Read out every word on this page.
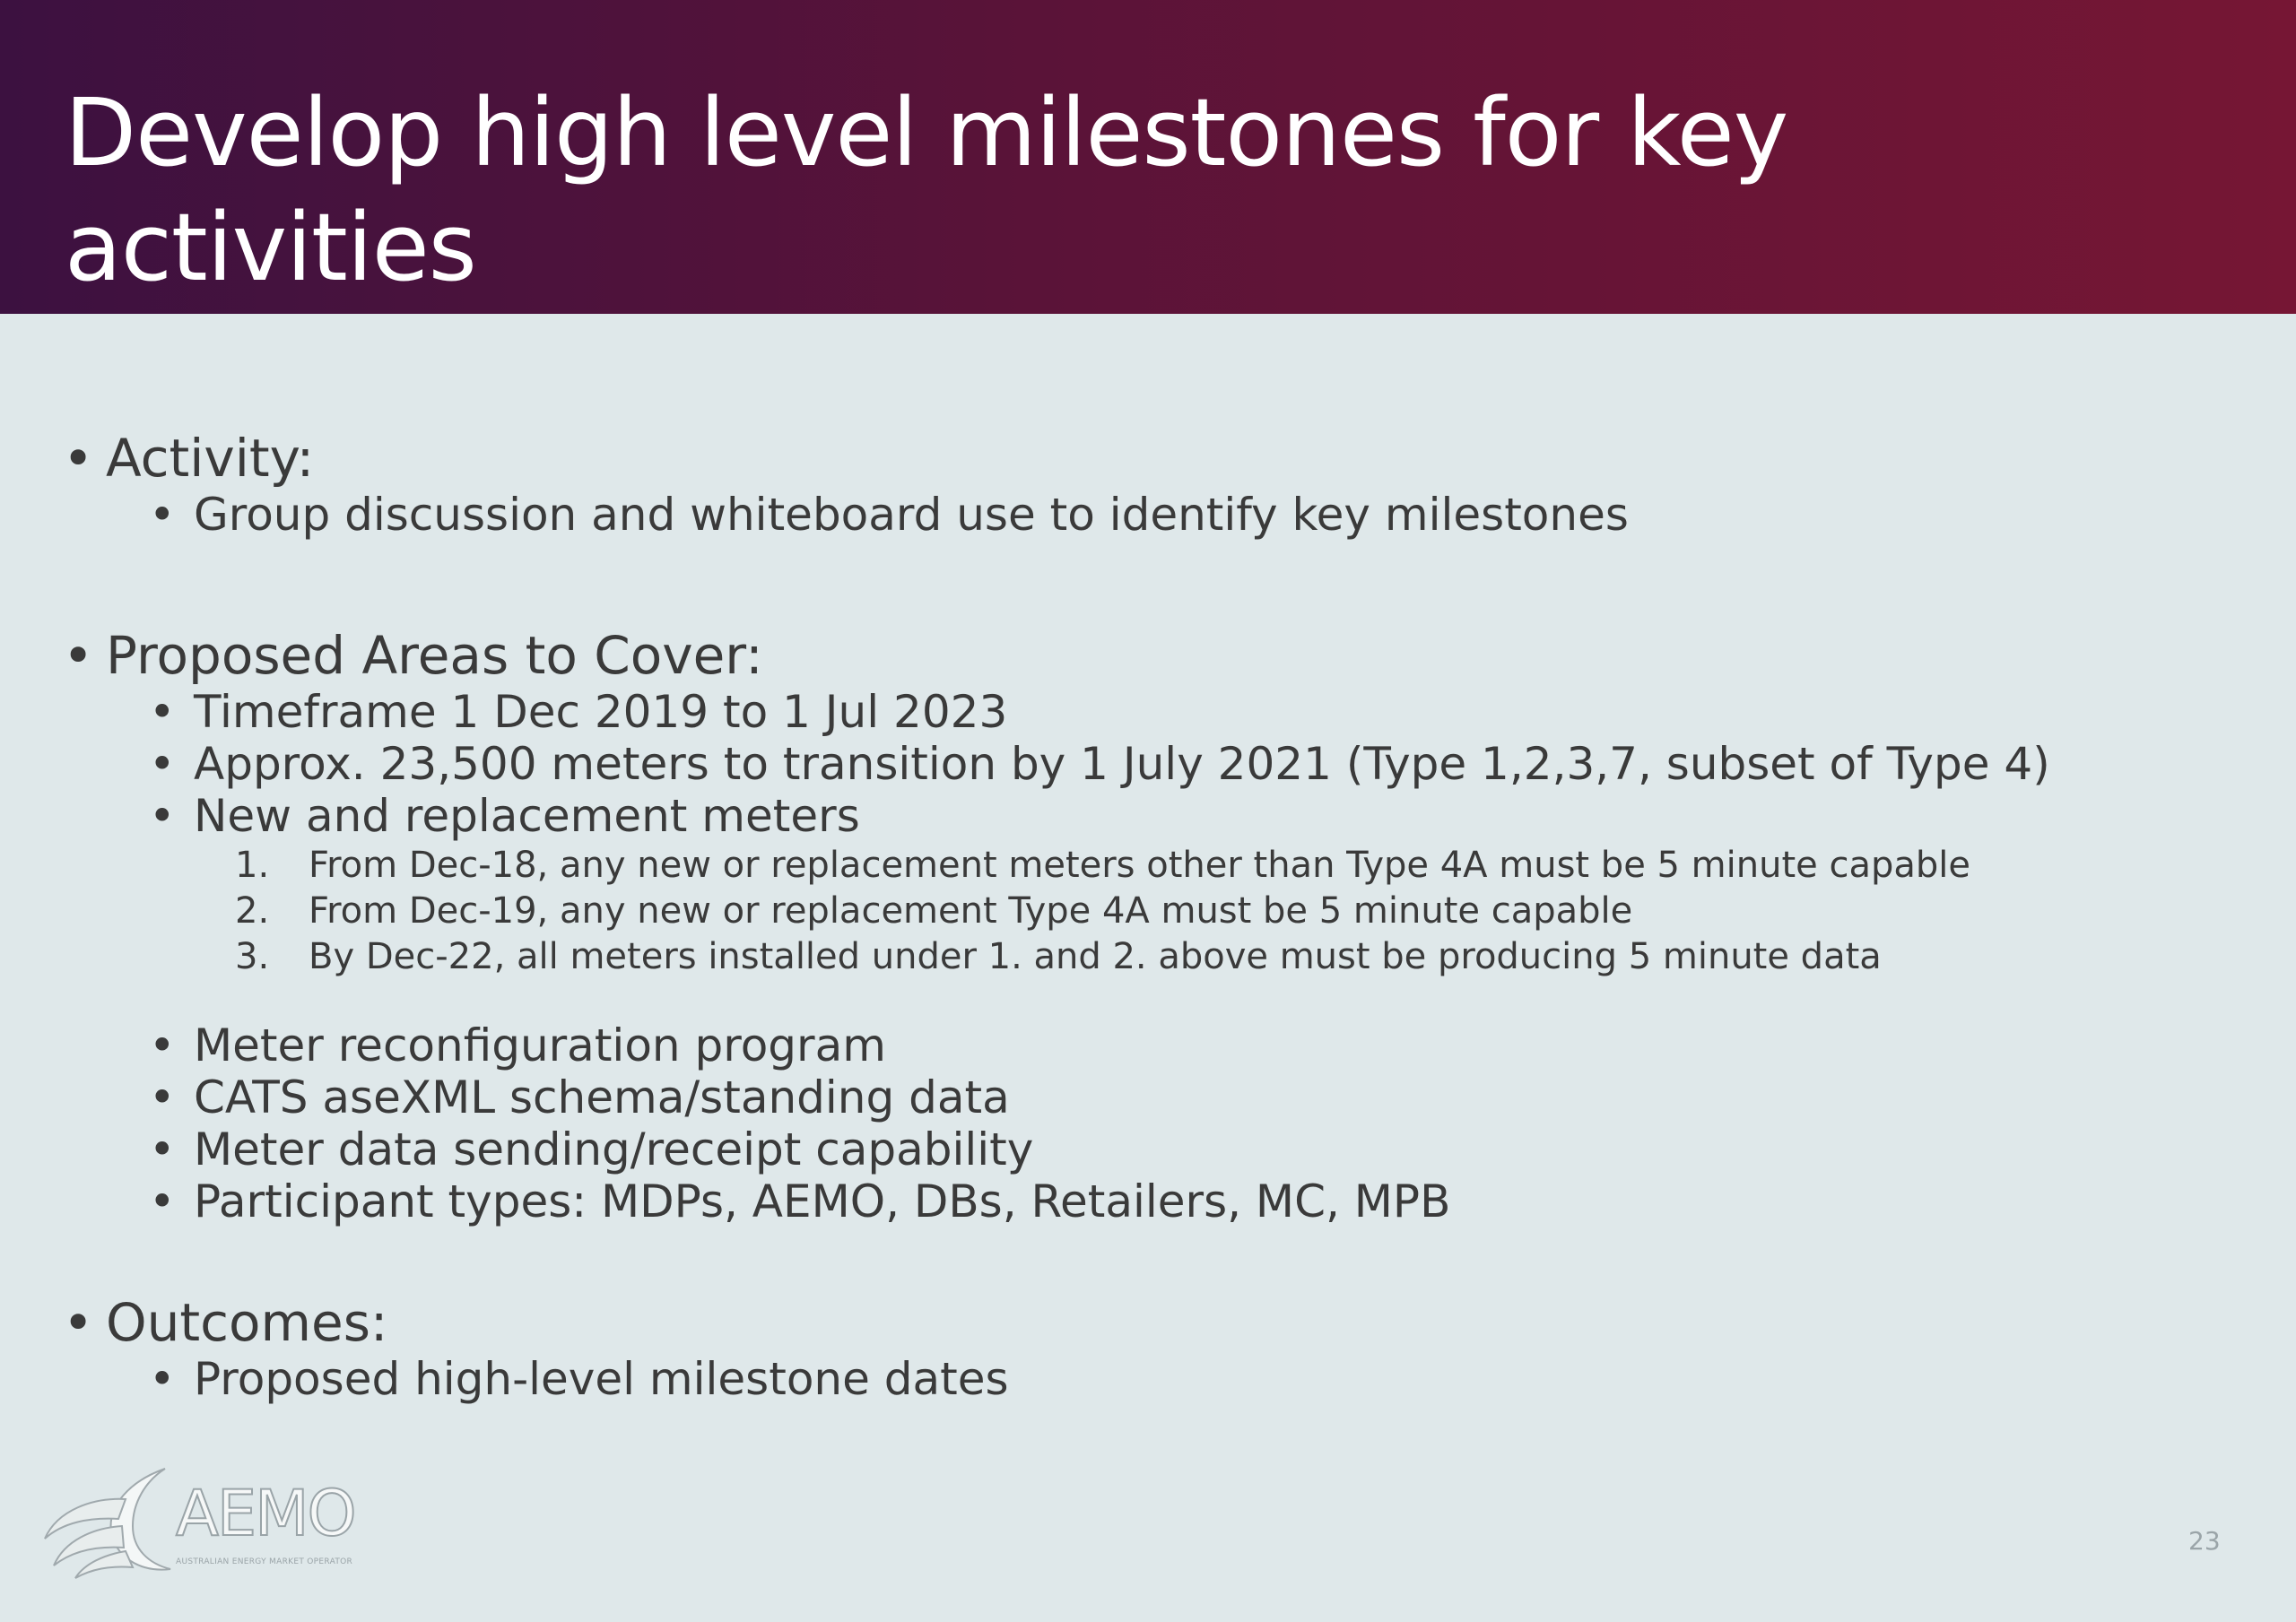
Develop high level milestones for key activities
• Activity:
• Group discussion and whiteboard use to identify key milestones
• Proposed Areas to Cover:
• Timeframe 1 Dec 2019 to 1 Jul 2023
• Approx. 23,500 meters to transition by 1 July 2021 (Type 1,2,3,7, subset of Type 4)
• New and replacement meters
1. From Dec-18, any new or replacement meters other than Type 4A must be 5 minute capable
2. From Dec-19, any new or replacement Type 4A must be 5 minute capable
3. By Dec-22, all meters installed under 1. and 2. above must be producing 5 minute data
• Meter reconfiguration program
• CATS aseXML schema/standing data
• Meter data sending/receipt capability
• Participant types: MDPs, AEMO, DBs, Retailers, MC, MPB
• Outcomes:
• Proposed high-level milestone dates
AEMO
AUSTRALIAN ENERGY MARKET OPERATOR
23
